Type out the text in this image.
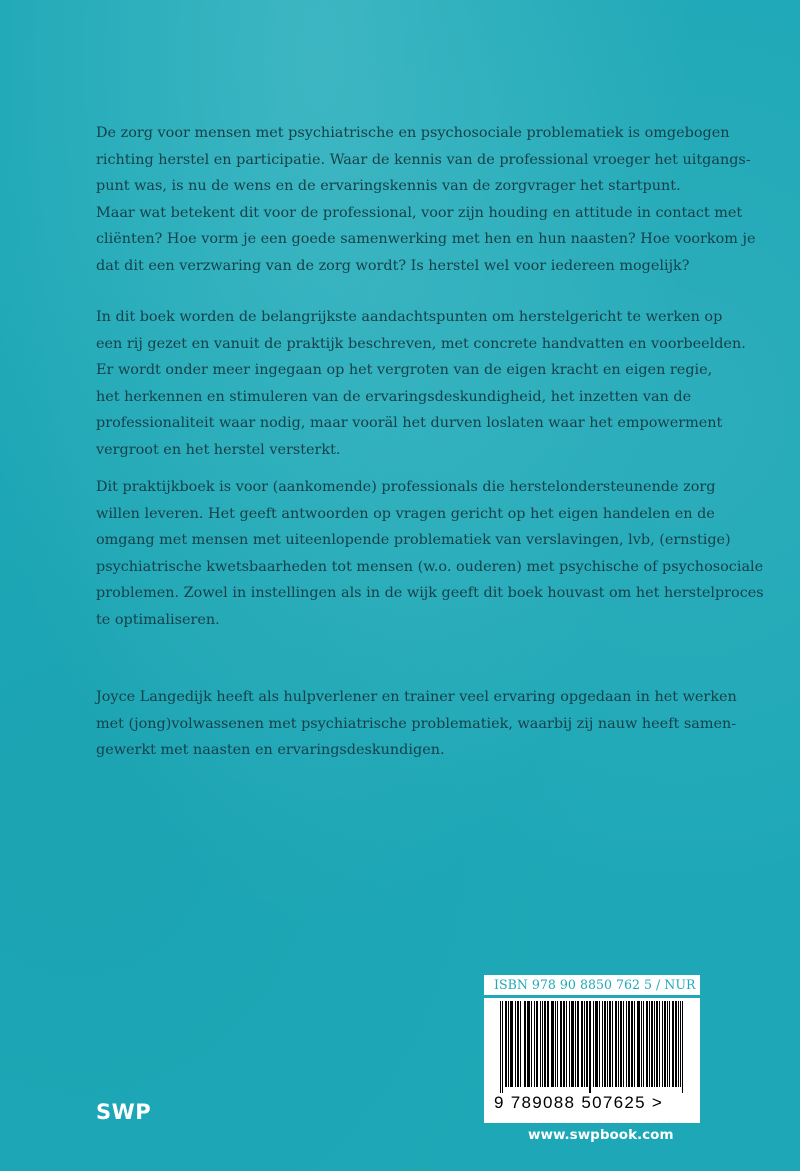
De zorg voor mensen met psychiatrische en psychosociale problematiek is omgebogen
richting herstel en participatie. Waar de kennis van de professional vroeger het uitgangs-
punt was, is nu de wens en de ervaringskennis van de zorgvrager het startpunt.
Maar wat betekent dit voor de professional, voor zijn houding en attitude in contact met
cliënten? Hoe vorm je een goede samenwerking met hen en hun naasten? Hoe voorkom je
dat dit een verzwaring van de zorg wordt? Is herstel wel voor iedereen mogelijk?

In dit boek worden de belangrijkste aandachtspunten om herstelgericht te werken op
een rij gezet en vanuit de praktijk beschreven, met concrete handvatten en voorbeelden.
Er wordt onder meer ingegaan op het vergroten van de eigen kracht en eigen regie,
het herkennen en stimuleren van de ervaringsdeskundigheid, het inzetten van de
professionaliteit waar nodig, maar vooräl het durven loslaten waar het empowerment
vergroot en het herstel versterkt.

Dit praktijkboek is voor (aankomende) professionals die herstelondersteunende zorg
willen leveren. Het geeft antwoorden op vragen gericht op het eigen handelen en de
omgang met mensen met uiteenlopende problematiek van verslavingen, lvb, (ernstige)
psychiatrische kwetsbaarheden tot mensen (w.o. ouderen) met psychische of psychosociale
problemen. Zowel in instellingen als in de wijk geeft dit boek houvast om het herstelproces
te optimaliseren.

Joyce Langedijk heeft als hulpverlener en trainer veel ervaring opgedaan in het werken
met (jong)volwassenen met psychiatrische problematiek, waarbij zij nauw heeft samen-
gewerkt met naasten en ervaringsdeskundigen.

ISBN 978 90 8850 762 5 / NUR 875
9 789088 507625 >
SWP
www.swpbook.com
